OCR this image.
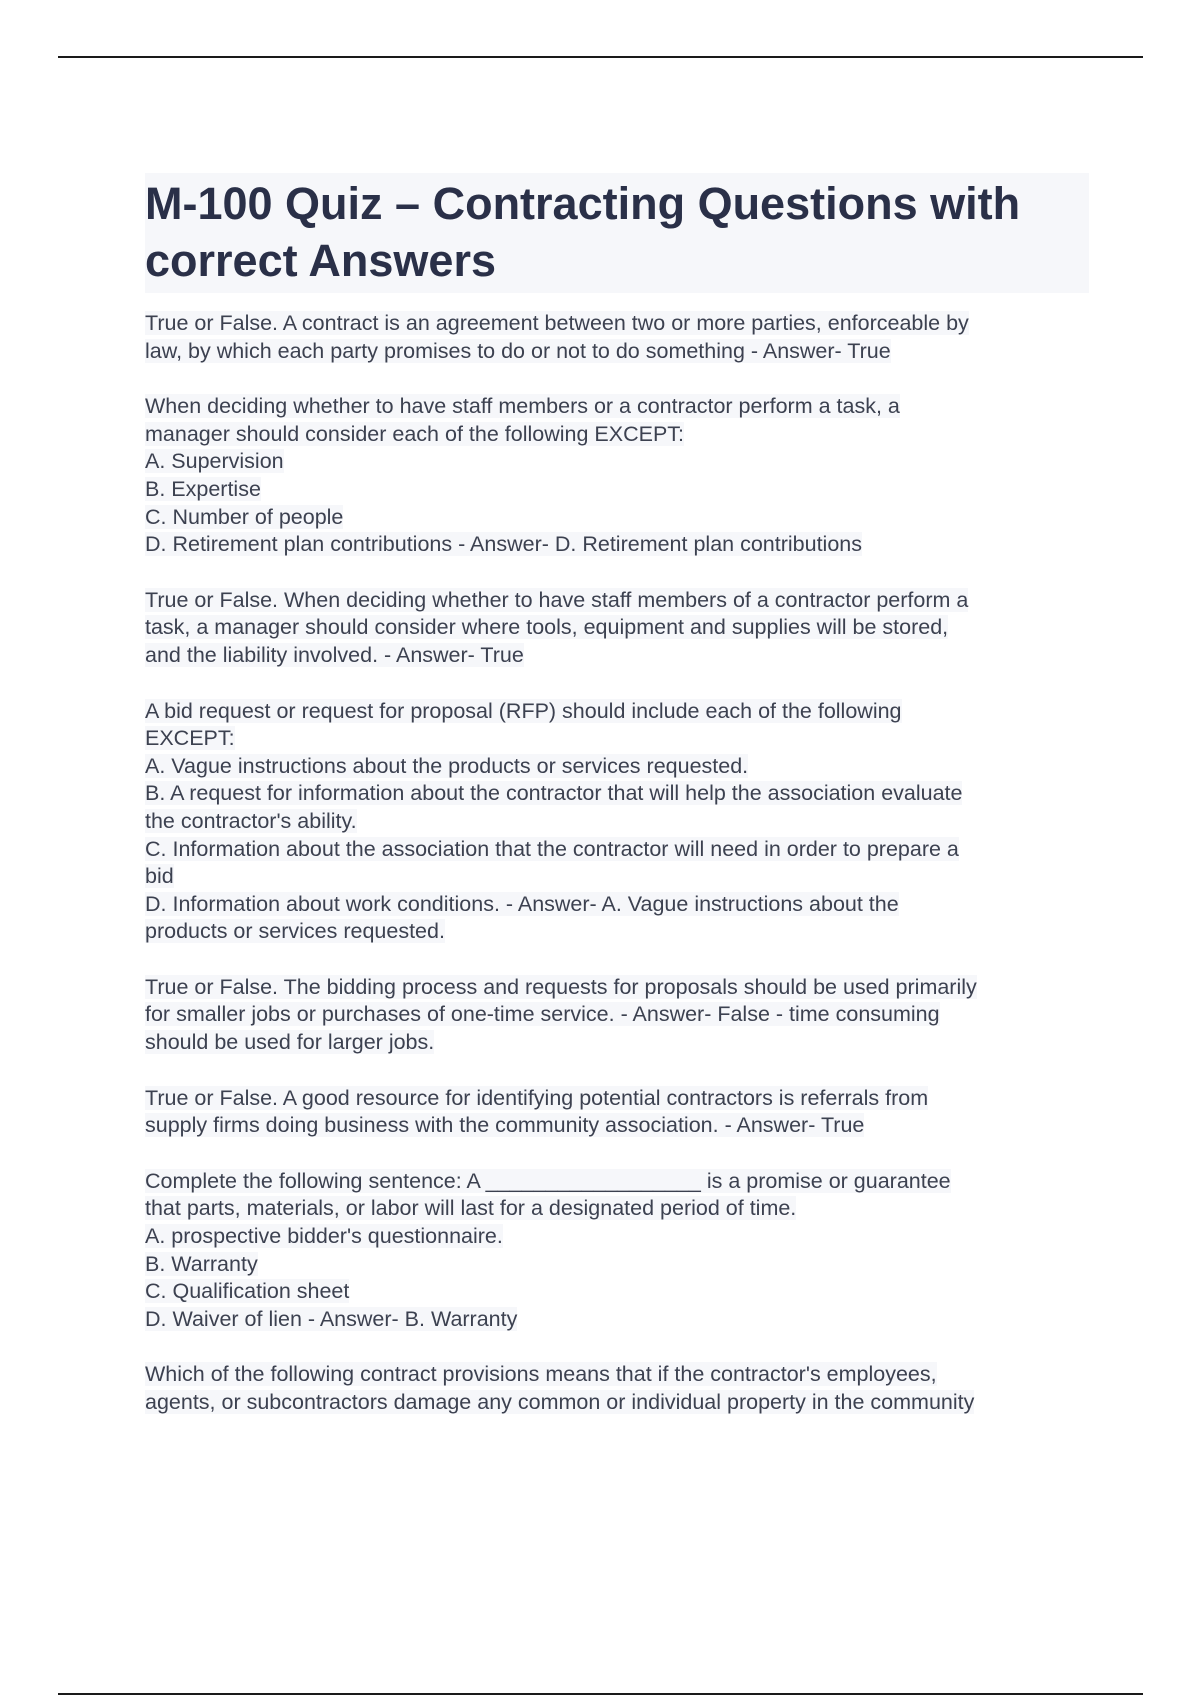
M-100 Quiz – Contracting Questions with
correct Answers
True or False. A contract is an agreement between two or more parties, enforceable by
law, by which each party promises to do or not to do something - Answer- True
When deciding whether to have staff members or a contractor perform a task, a
manager should consider each of the following EXCEPT:
A. Supervision
B. Expertise
C. Number of people
D. Retirement plan contributions - Answer- D. Retirement plan contributions
True or False. When deciding whether to have staff members of a contractor perform a
task, a manager should consider where tools, equipment and supplies will be stored,
and the liability involved. - Answer- True
A bid request or request for proposal (RFP) should include each of the following
EXCEPT:
A. Vague instructions about the products or services requested.
B. A request for information about the contractor that will help the association evaluate
the contractor's ability.
C. Information about the association that the contractor will need in order to prepare a
bid
D. Information about work conditions. - Answer- A. Vague instructions about the
products or services requested.
True or False. The bidding process and requests for proposals should be used primarily
for smaller jobs or purchases of one-time service. - Answer- False - time consuming
should be used for larger jobs.
True or False. A good resource for identifying potential contractors is referrals from
supply firms doing business with the community association. - Answer- True
Complete the following sentence: A __________________ is a promise or guarantee
that parts, materials, or labor will last for a designated period of time.
A. prospective bidder's questionnaire.
B. Warranty
C. Qualification sheet
D. Waiver of lien - Answer- B. Warranty
Which of the following contract provisions means that if the contractor's employees,
agents, or subcontractors damage any common or individual property in the community
